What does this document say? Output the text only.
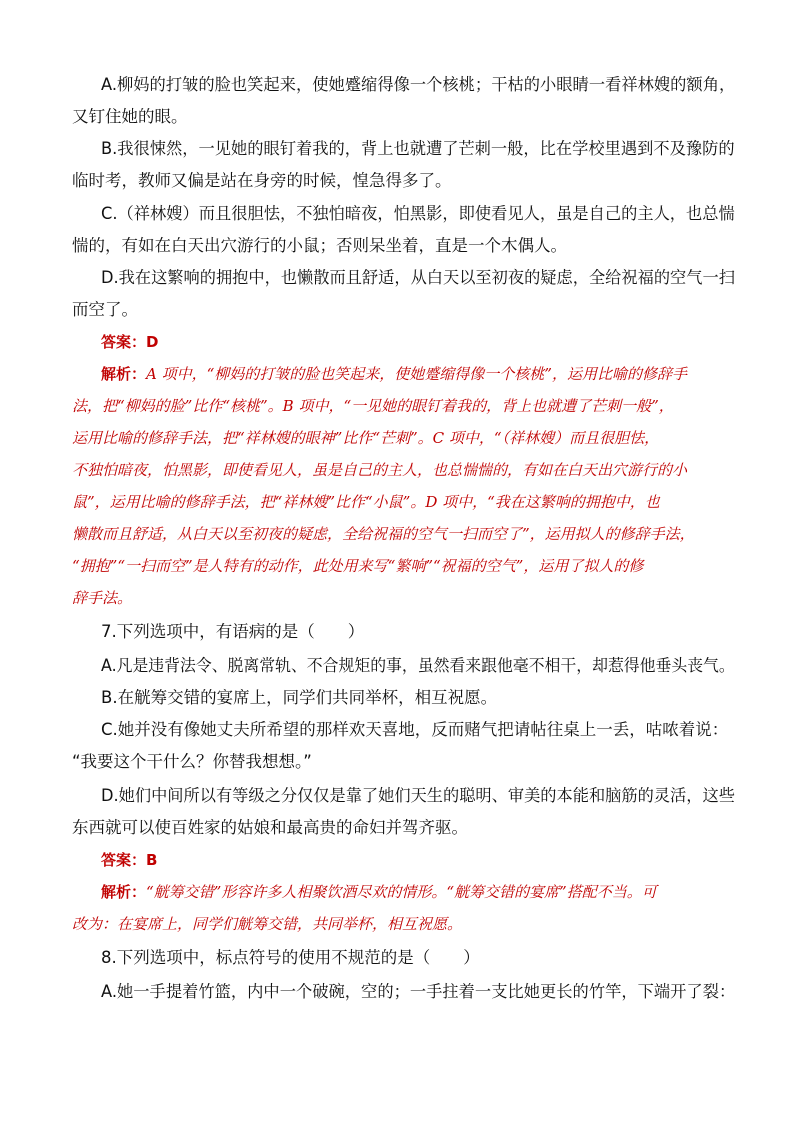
A.柳妈的打皱的脸也笑起来，使她蹙缩得像一个核桃；干枯的小眼睛一看祥林嫂的额角，
又钉住她的眼。
B.我很悚然，一见她的眼钉着我的，背上也就遭了芒刺一般，比在学校里遇到不及豫防的
临时考，教师又偏是站在身旁的时候，惶急得多了。
C.（祥林嫂）而且很胆怯，不独怕暗夜，怕黑影，即使看见人，虽是自己的主人，也总惴
惴的，有如在白天出穴游行的小鼠；否则呆坐着，直是一个木偶人。
D.我在这繁响的拥抱中，也懒散而且舒适，从白天以至初夜的疑虑，全给祝福的空气一扫
而空了。
答案：D
解析：A 项中，“柳妈的打皱的脸也笑起来，使她蹙缩得像一个核桃”，运用比喻的修辞手
法，把“柳妈的脸”比作“核桃”。B 项中，“一见她的眼钉着我的，背上也就遭了芒刺一般”，
运用比喻的修辞手法，把“祥林嫂的眼神”比作“芒刺”。C 项中，“（祥林嫂）而且很胆怯，
不独怕暗夜，怕黑影，即使看见人，虽是自己的主人，也总惴惴的，有如在白天出穴游行的小
鼠”，运用比喻的修辞手法，把“祥林嫂”比作“小鼠”。D 项中，“我在这繁响的拥抱中，也
懒散而且舒适，从白天以至初夜的疑虑，全给祝福的空气一扫而空了”，运用拟人的修辞手法，
“拥抱”“一扫而空”是人特有的动作，此处用来写“繁响”“祝福的空气”，运用了拟人的修
辞手法。
7.下列选项中，有语病的是（　　）
A.凡是违背法令、脱离常轨、不合规矩的事，虽然看来跟他毫不相干，却惹得他垂头丧气。
B.在觥筹交错的宴席上，同学们共同举杯，相互祝愿。
C.她并没有像她丈夫所希望的那样欢天喜地，反而赌气把请帖往桌上一丢，咕哝着说：
“我要这个干什么？你替我想想。”
D.她们中间所以有等级之分仅仅是靠了她们天生的聪明、审美的本能和脑筋的灵活，这些
东西就可以使百姓家的姑娘和最高贵的命妇并驾齐驱。
答案：B
解析：“觥筹交错”形容许多人相聚饮酒尽欢的情形。“觥筹交错的宴席”搭配不当。可
改为：在宴席上，同学们觥筹交错，共同举杯，相互祝愿。
8.下列选项中，标点符号的使用不规范的是（　　）
A.她一手提着竹篮，内中一个破碗，空的；一手拄着一支比她更长的竹竿，下端开了裂：
